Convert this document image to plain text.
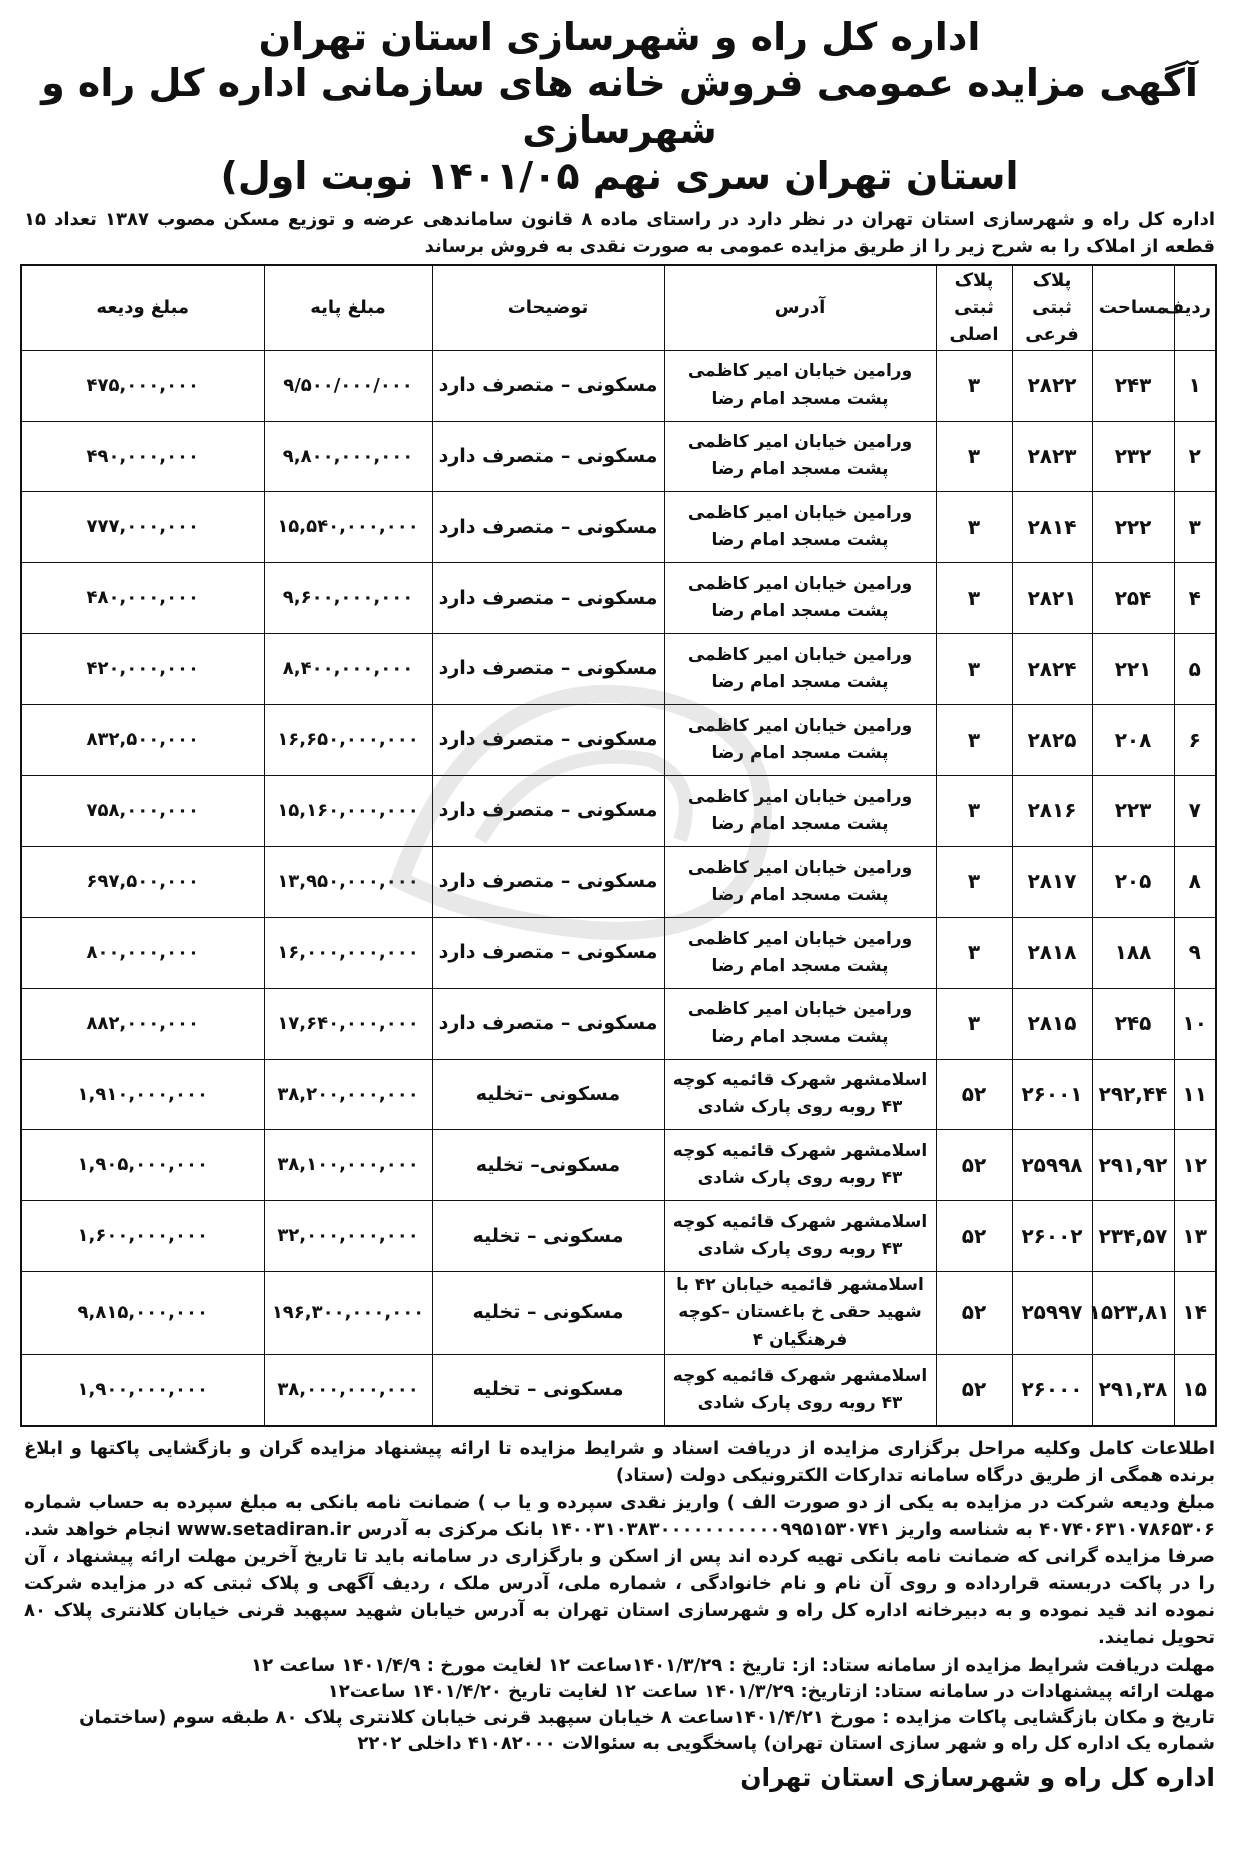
اداره کل راه و شهرسازی استان تهران
آگهی مزایده عمومی فروش خانه های سازمانی اداره کل راه و شهرسازی
استان تهران سری نهم ۱۴۰۱/۰۵ نوبت اول)
اداره کل راه و شهرسازی استان تهران در نظر دارد در راستای ماده ۸ قانون ساماندهی عرضه و توزیع مسکن مصوب ۱۳۸۷ تعداد ۱۵ قطعه از املاک را به شرح زیر را از طریق مزایده عمومی به صورت نقدی به فروش برساند
ردیف	مساحت	پلاک ثبتی فرعی	پلاک ثبتی اصلی	آدرس	توضیحات	مبلغ پایه	مبلغ ودیعه
۱	۲۴۳	۲۸۲۲	۳	ورامین خیابان امیر کاظمی پشت مسجد امام رضا	مسکونی – متصرف دارد	۹/۵۰۰/۰۰۰/۰۰۰	۴۷۵,۰۰۰,۰۰۰
۲	۲۳۲	۲۸۲۳	۳	ورامین خیابان امیر کاظمی پشت مسجد امام رضا	مسکونی – متصرف دارد	۹,۸۰۰,۰۰۰,۰۰۰	۴۹۰,۰۰۰,۰۰۰
۳	۲۲۲	۲۸۱۴	۳	ورامین خیابان امیر کاظمی پشت مسجد امام رضا	مسکونی – متصرف دارد	۱۵,۵۴۰,۰۰۰,۰۰۰	۷۷۷,۰۰۰,۰۰۰
۴	۲۵۴	۲۸۲۱	۳	ورامین خیابان امیر کاظمی پشت مسجد امام رضا	مسکونی – متصرف دارد	۹,۶۰۰,۰۰۰,۰۰۰	۴۸۰,۰۰۰,۰۰۰
۵	۲۲۱	۲۸۲۴	۳	ورامین خیابان امیر کاظمی پشت مسجد امام رضا	مسکونی – متصرف دارد	۸,۴۰۰,۰۰۰,۰۰۰	۴۲۰,۰۰۰,۰۰۰
۶	۲۰۸	۲۸۲۵	۳	ورامین خیابان امیر کاظمی پشت مسجد امام رضا	مسکونی – متصرف دارد	۱۶,۶۵۰,۰۰۰,۰۰۰	۸۳۲,۵۰۰,۰۰۰
۷	۲۲۳	۲۸۱۶	۳	ورامین خیابان امیر کاظمی پشت مسجد امام رضا	مسکونی – متصرف دارد	۱۵,۱۶۰,۰۰۰,۰۰۰	۷۵۸,۰۰۰,۰۰۰
۸	۲۰۵	۲۸۱۷	۳	ورامین خیابان امیر کاظمی پشت مسجد امام رضا	مسکونی – متصرف دارد	۱۳,۹۵۰,۰۰۰,۰۰۰	۶۹۷,۵۰۰,۰۰۰
۹	۱۸۸	۲۸۱۸	۳	ورامین خیابان امیر کاظمی پشت مسجد امام رضا	مسکونی – متصرف دارد	۱۶,۰۰۰,۰۰۰,۰۰۰	۸۰۰,۰۰۰,۰۰۰
۱۰	۲۴۵	۲۸۱۵	۳	ورامین خیابان امیر کاظمی پشت مسجد امام رضا	مسکونی – متصرف دارد	۱۷,۶۴۰,۰۰۰,۰۰۰	۸۸۲,۰۰۰,۰۰۰
۱۱	۲۹۲,۴۴	۲۶۰۰۱	۵۲	اسلامشهر شهرک قائمیه کوچه ۴۳ روبه روی پارک شادی	مسکونی –تخلیه	۳۸,۲۰۰,۰۰۰,۰۰۰	۱,۹۱۰,۰۰۰,۰۰۰
۱۲	۲۹۱,۹۲	۲۵۹۹۸	۵۲	اسلامشهر شهرک قائمیه کوچه ۴۳ روبه روی پارک شادی	مسکونی– تخلیه	۳۸,۱۰۰,۰۰۰,۰۰۰	۱,۹۰۵,۰۰۰,۰۰۰
۱۳	۲۳۴,۵۷	۲۶۰۰۲	۵۲	اسلامشهر شهرک قائمیه کوچه ۴۳ روبه روی پارک شادی	مسکونی – تخلیه	۳۲,۰۰۰,۰۰۰,۰۰۰	۱,۶۰۰,۰۰۰,۰۰۰
۱۴	۱۵۲۳,۸۱	۲۵۹۹۷	۵۲	اسلامشهر قائمیه خیابان ۴۲ با شهید حقی خ باغستان –کوچه فرهنگیان ۴	مسکونی – تخلیه	۱۹۶,۳۰۰,۰۰۰,۰۰۰	۹,۸۱۵,۰۰۰,۰۰۰
۱۵	۲۹۱,۳۸	۲۶۰۰۰	۵۲	اسلامشهر شهرک قائمیه کوچه ۴۳ روبه روی پارک شادی	مسکونی – تخلیه	۳۸,۰۰۰,۰۰۰,۰۰۰	۱,۹۰۰,۰۰۰,۰۰۰

اطلاعات کامل وکلیه مراحل برگزاری مزایده از دریافت اسناد و شرایط مزایده تا ارائه پیشنهاد مزایده گران و بازگشایی پاکتها و ابلاغ برنده همگی از طریق درگاه سامانه تدارکات الکترونیکی دولت (ستاد)

مبلغ ودیعه شرکت در مزایده به یکی از دو صورت الف ) واریز نقدی سپرده و یا ب ) ضمانت نامه بانکی به مبلغ سپرده به حساب شماره ۴۰۷۴۰۶۳۱۰۷۸۶۵۳۰۶ به شناسه واریز ۱۴۰۰۳۱۰۳۸۳۰۰۰۰۰۰۰۰۰۰۰۹۹۵۱۵۳۰۷۴۱ بانک مرکزی به آدرس www.setadiran.ir انجام خواهد شد. صرفا مزایده گرانی که ضمانت نامه بانکی تهیه کرده اند پس از اسکن و بارگزاری در سامانه باید تا تاریخ آخرین مهلت ارائه پیشنهاد ، آن را در پاکت دربسته قرارداده و روی آن نام و نام خانوادگی ، شماره ملی، آدرس ملک ، ردیف آگهی و پلاک ثبتی که در مزایده شرکت نموده اند قید نموده و به دبیرخانه اداره کل راه و شهرسازی استان تهران به آدرس خیابان شهید سپهبد قرنی خیابان کلانتری پلاک ۸۰ تحویل نمایند.

مهلت دریافت شرایط مزایده از سامانه ستاد: از: تاریخ : ۱۴۰۱/۳/۲۹ساعت ۱۲ لغایت مورخ : ۱۴۰۱/۴/۹ ساعت ۱۲

مهلت ارائه پیشنهادات در سامانه ستاد: ازتاریخ: ۱۴۰۱/۳/۲۹ ساعت ۱۲ لغایت تاریخ ۱۴۰۱/۴/۲۰ ساعت۱۲

تاریخ و مکان بازگشایی پاکات مزایده : مورخ ۱۴۰۱/۴/۲۱ساعت ۸ خیابان سپهبد قرنی خیابان کلانتری پلاک ۸۰ طبقه سوم (ساختمان شماره یک اداره کل راه و شهر سازی استان تهران) پاسخگویی به سئوالات ۴۱۰۸۲۰۰۰ داخلی ۲۲۰۲

اداره کل راه و شهرسازی استان تهران
